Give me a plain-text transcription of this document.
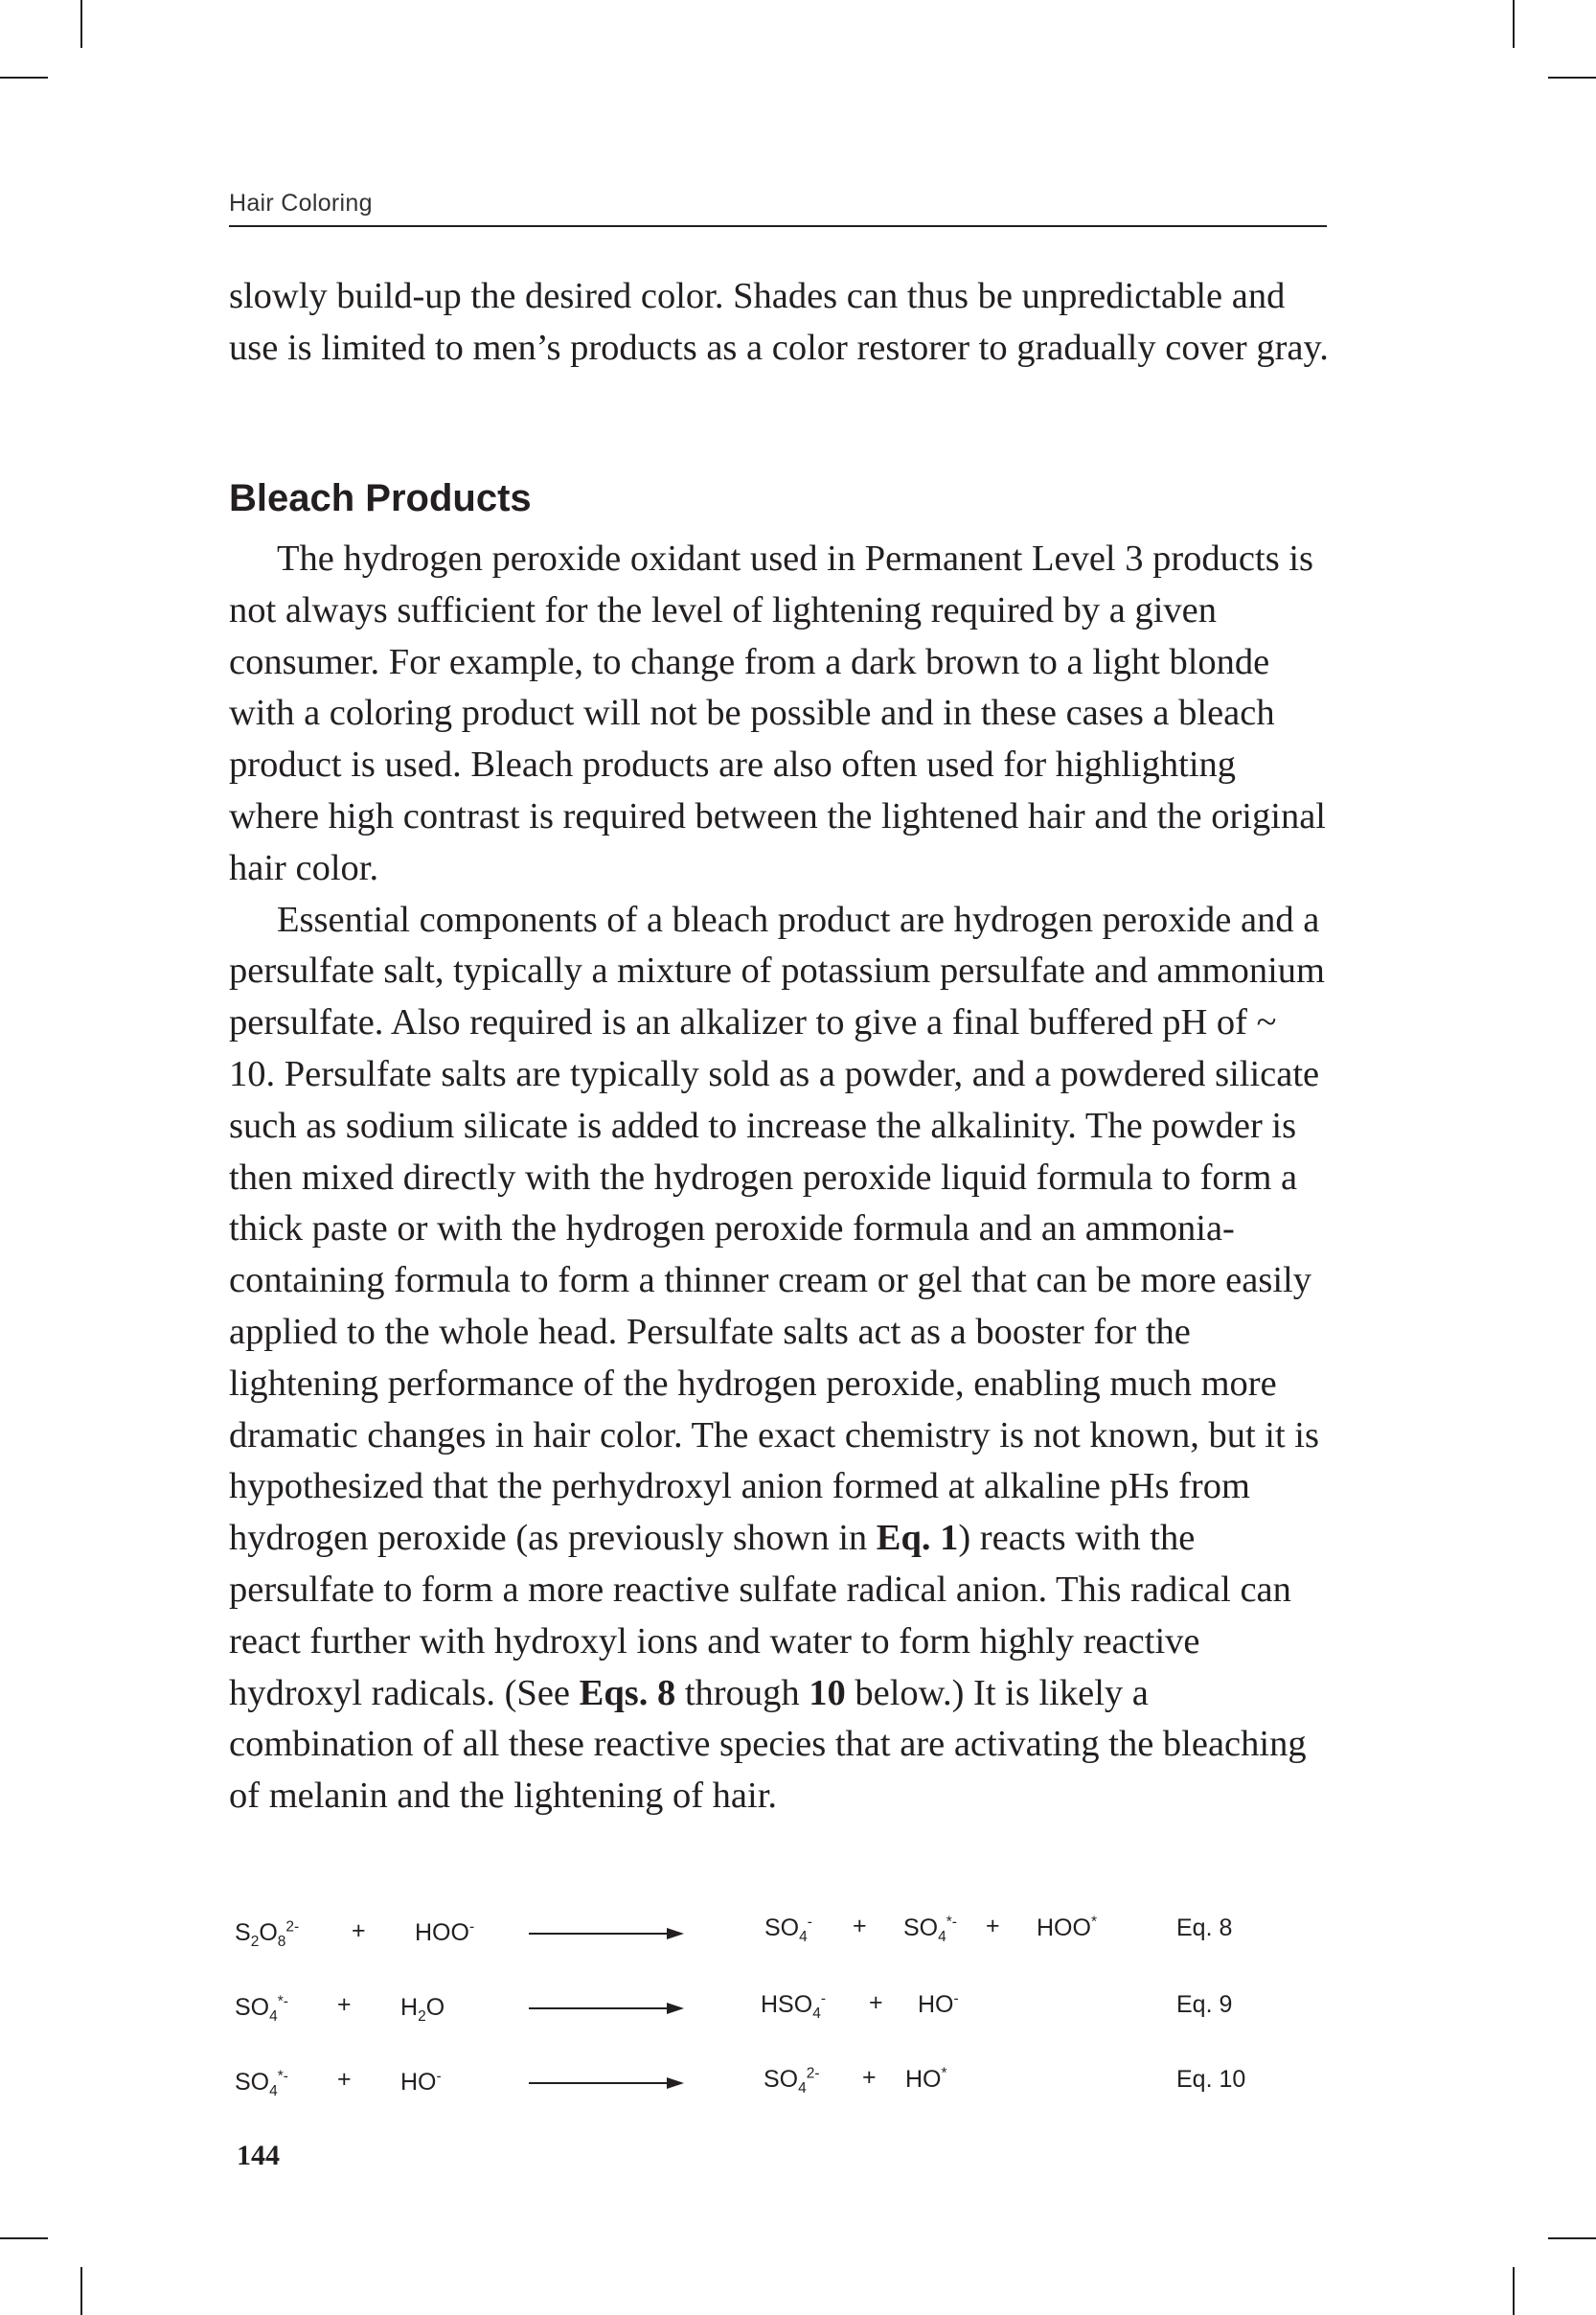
Hair Coloring

slowly build-up the desired color. Shades can thus be unpredictable and use is limited to men’s products as a color restorer to gradually cover gray.

Bleach Products

The hydrogen peroxide oxidant used in Permanent Level 3 products is not always sufficient for the level of lightening required by a given consumer. For example, to change from a dark brown to a light blonde with a coloring product will not be possible and in these cases a bleach product is used. Bleach products are also often used for highlighting where high contrast is required between the lightened hair and the original hair color.

Essential components of a bleach product are hydrogen peroxide and a persulfate salt, typically a mixture of potassium persulfate and ammonium persulfate. Also required is an alkalizer to give a final buffered pH of ~ 10. Persulfate salts are typically sold as a powder, and a powdered silicate such as sodium silicate is added to increase the alkalinity. The powder is then mixed directly with the hydrogen peroxide liquid formula to form a thick paste or with the hydrogen peroxide formula and an ammonia-containing formula to form a thinner cream or gel that can be more easily applied to the whole head. Persulfate salts act as a booster for the lightening performance of the hydrogen peroxide, enabling much more dramatic changes in hair color. The exact chemistry is not known, but it is hypothesized that the perhydroxyl anion formed at alkaline pHs from hydrogen peroxide (as previously shown in Eq. 1) reacts with the persulfate to form a more reactive sulfate radical anion. This radical can react further with hydroxyl ions and water to form highly reactive hydroxyl radicals. (See Eqs. 8 through 10 below.) It is likely a combination of all these reactive species that are activating the bleaching of melanin and the lightening of hair.

$S_2O_8^{2-} + HOO^-$	$SO_4^- + SO_4^{*-} + HOO^*$	Eq. 8
$SO_4^{*-} + H_2O$	$HSO_4^- + HO^-$	Eq. 9
$SO_4^{*-} + HO^-$	$SO_4^{2-} + HO^*$	Eq. 10
144
